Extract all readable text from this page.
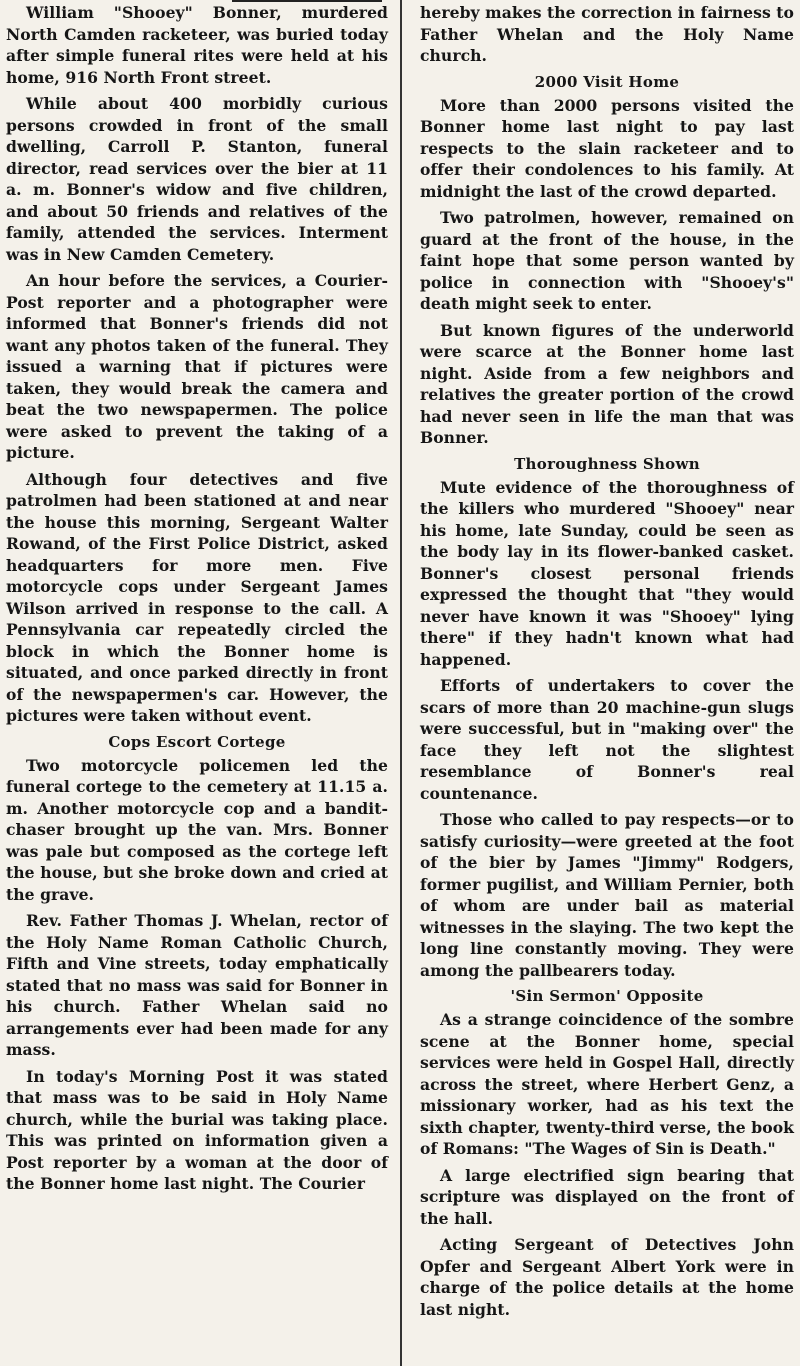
William "Shooey" Bonner, murdered North Camden racketeer, was buried today after simple funeral rites were held at his home, 916 North Front street.

While about 400 morbidly curious persons crowded in front of the small dwelling, Carroll P. Stanton, funeral director, read services over the bier at 11 a. m. Bonner's widow and five children, and about 50 friends and relatives of the family, attended the services. Interment was in New Camden Cemetery.

An hour before the services, a Courier-Post reporter and a photographer were informed that Bonner's friends did not want any photos taken of the funeral. They issued a warning that if pictures were taken, they would break the camera and beat the two newspapermen. The police were asked to prevent the taking of a picture.

Although four detectives and five patrolmen had been stationed at and near the house this morning, Sergeant Walter Rowand, of the First Police District, asked headquarters for more men. Five motorcycle cops under Sergeant James Wilson arrived in response to the call. A Pennsylvania car repeatedly circled the block in which the Bonner home is situated, and once parked directly in front of the newspapermen's car. However, the pictures were taken without event.

Cops Escort Cortege

Two motorcycle policemen led the funeral cortege to the cemetery at 11.15 a. m. Another motorcycle cop and a bandit-chaser brought up the van. Mrs. Bonner was pale but composed as the cortege left the house, but she broke down and cried at the grave.

Rev. Father Thomas J. Whelan, rector of the Holy Name Roman Catholic Church, Fifth and Vine streets, today emphatically stated that no mass was said for Bonner in his church. Father Whelan said no arrangements ever had been made for any mass.

In today's Morning Post it was stated that mass was to be said in Holy Name church, while the burial was taking place. This was printed on information given a Post reporter by a woman at the door of the Bonner home last night. The Courier

hereby makes the correction in fairness to Father Whelan and the Holy Name church.

2000 Visit Home

More than 2000 persons visited the Bonner home last night to pay last respects to the slain racketeer and to offer their condolences to his family. At midnight the last of the crowd departed.

Two patrolmen, however, remained on guard at the front of the house, in the faint hope that some person wanted by police in connection with "Shooey's" death might seek to enter.

But known figures of the underworld were scarce at the Bonner home last night. Aside from a few neighbors and relatives the greater portion of the crowd had never seen in life the man that was Bonner.

Thoroughness Shown

Mute evidence of the thoroughness of the killers who murdered "Shooey" near his home, late Sunday, could be seen as the body lay in its flower-banked casket. Bonner's closest personal friends expressed the thought that "they would never have known it was "Shooey" lying there" if they hadn't known what had happened.

Efforts of undertakers to cover the scars of more than 20 machine-gun slugs were successful, but in "making over" the face they left not the slightest resemblance of Bonner's real countenance.

Those who called to pay respects—or to satisfy curiosity—were greeted at the foot of the bier by James "Jimmy" Rodgers, former pugilist, and William Pernier, both of whom are under bail as material witnesses in the slaying. The two kept the long line constantly moving. They were among the pallbearers today.

'Sin Sermon' Opposite

As a strange coincidence of the sombre scene at the Bonner home, special services were held in Gospel Hall, directly across the street, where Herbert Genz, a missionary worker, had as his text the sixth chapter, twenty-third verse, the book of Romans: "The Wages of Sin is Death."

A large electrified sign bearing that scripture was displayed on the front of the hall.

Acting Sergeant of Detectives John Opfer and Sergeant Albert York were in charge of the police details at the home last night.
